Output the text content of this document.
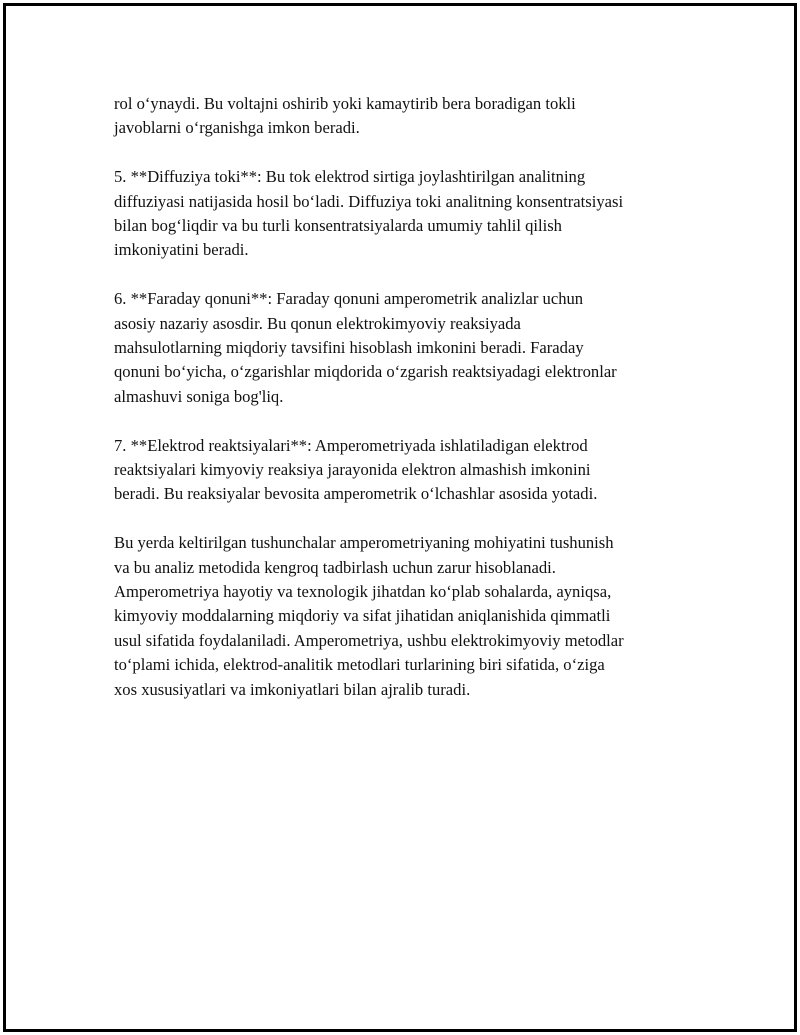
rol o‘ynaydi. Bu voltajni oshirib yoki kamaytirib bera boradigan tokli
javoblarni o‘rganishga imkon beradi.

5. **Diffuziya toki**: Bu tok elektrod sirtiga joylashtirilgan analitning
diffuziyasi natijasida hosil bo‘ladi. Diffuziya toki analitning konsentratsiyasi
bilan bog‘liqdir va bu turli konsentratsiyalarda umumiy tahlil qilish
imkoniyatini beradi.

6. **Faraday qonuni**: Faraday qonuni amperometrik analizlar uchun
asosiy nazariy asosdir. Bu qonun elektrokimyoviy reaksiyada
mahsulotlarning miqdoriy tavsifini hisoblash imkonini beradi. Faraday
qonuni bo‘yicha, o‘zgarishlar miqdorida o‘zgarish reaktsiyadagi elektronlar
almashuvi soniga bog'liq.

7. **Elektrod reaktsiyalari**: Amperometriyada ishlatiladigan elektrod
reaktsiyalari kimyoviy reaksiya jarayonida elektron almashish imkonini
beradi. Bu reaksiyalar bevosita amperometrik o‘lchashlar asosida yotadi.

Bu yerda keltirilgan tushunchalar amperometriyaning mohiyatini tushunish
va bu analiz metodida kengroq tadbirlash uchun zarur hisoblanadi.
Amperometriya hayotiy va texnologik jihatdan ko‘plab sohalarda, ayniqsa,
kimyoviy moddalarning miqdoriy va sifat jihatidan aniqlanishida qimmatli
usul sifatida foydalaniladi. Amperometriya, ushbu elektrokimyoviy metodlar
to‘plami ichida, elektrod-analitik metodlari turlarining biri sifatida, o‘ziga
xos xususiyatlari va imkoniyatlari bilan ajralib turadi.
